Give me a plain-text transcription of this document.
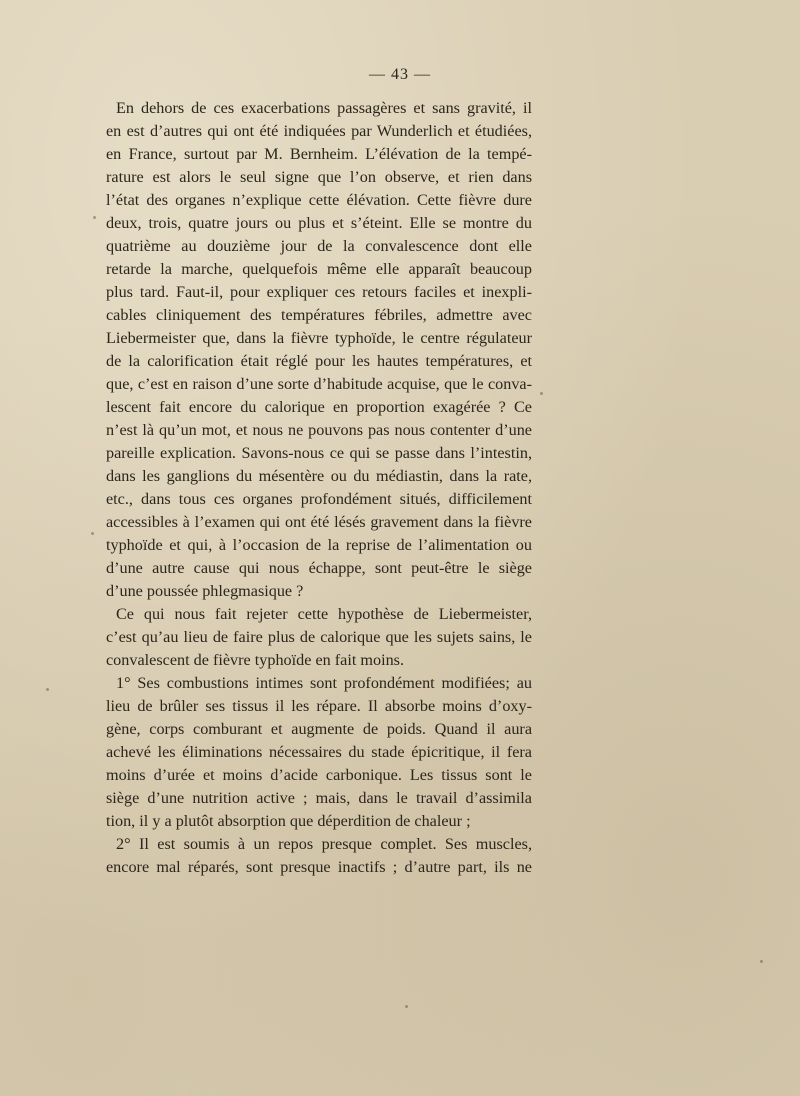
— 43 —
En dehors de ces exacerbations passagères et sans gravité, il
en est d’autres qui ont été indiquées par Wunderlich et étudiées,
en France, surtout par M. Bernheim. L’élévation de la tempé-
rature est alors le seul signe que l’on observe, et rien dans
l’état des organes n’explique cette élévation. Cette fièvre dure
deux, trois, quatre jours ou plus et s’éteint. Elle se montre du
quatrième au douzième jour de la convalescence dont elle
retarde la marche, quelquefois même elle apparaît beaucoup
plus tard. Faut-il, pour expliquer ces retours faciles et inexpli-
cables cliniquement des températures fébriles, admettre avec
Liebermeister que, dans la fièvre typhoïde, le centre régulateur
de la calorification était réglé pour les hautes températures, et
que, c’est en raison d’une sorte d’habitude acquise, que le conva-
lescent fait encore du calorique en proportion exagérée ? Ce
n’est là qu’un mot, et nous ne pouvons pas nous contenter d’une
pareille explication. Savons-nous ce qui se passe dans l’intestin,
dans les ganglions du mésentère ou du médiastin, dans la rate,
etc., dans tous ces organes profondément situés, difficilement
accessibles à l’examen qui ont été lésés gravement dans la fièvre
typhoïde et qui, à l’occasion de la reprise de l’alimentation ou
d’une autre cause qui nous échappe, sont peut-être le siège
d’une poussée phlegmasique ?
Ce qui nous fait rejeter cette hypothèse de Liebermeister,
c’est qu’au lieu de faire plus de calorique que les sujets sains, le
convalescent de fièvre typhoïde en fait moins.
1° Ses combustions intimes sont profondément modifiées; au
lieu de brûler ses tissus il les répare. Il absorbe moins d’oxy-
gène, corps comburant et augmente de poids. Quand il aura
achevé les éliminations nécessaires du stade épicritique, il fera
moins d’urée et moins d’acide carbonique. Les tissus sont le
siège d’une nutrition active ; mais, dans le travail d’assimila
tion, il y a plutôt absorption que déperdition de chaleur ;
2° Il est soumis à un repos presque complet. Ses muscles,
encore mal réparés, sont presque inactifs ; d’autre part, ils ne
